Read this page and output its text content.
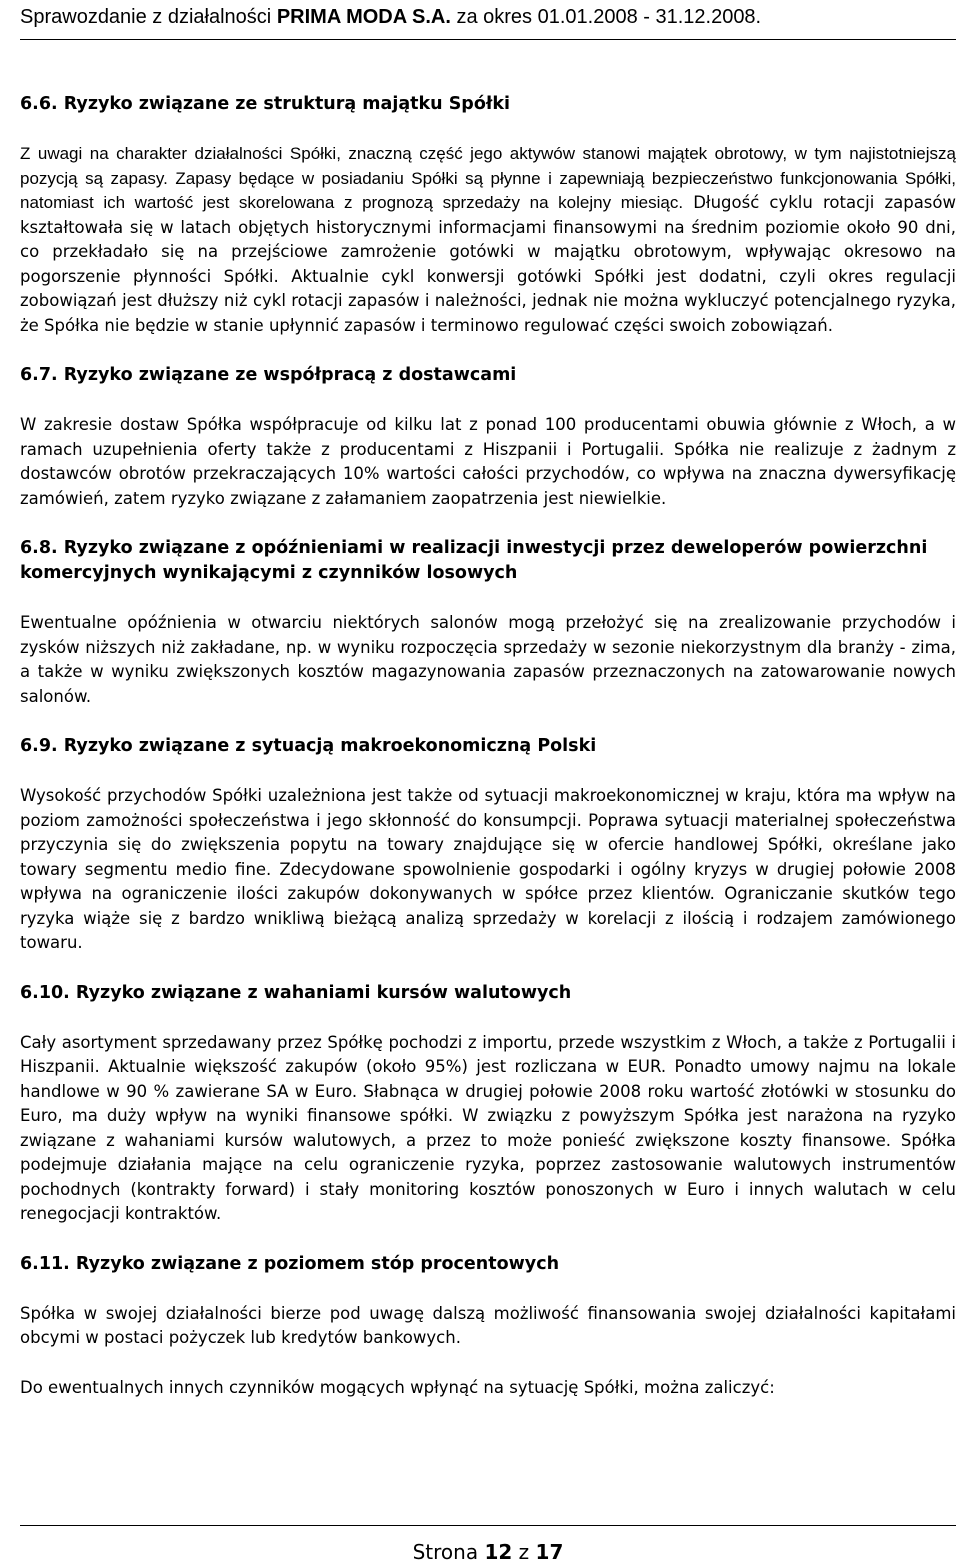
Sprawozdanie z działalności PRIMA MODA S.A. za okres 01.01.2008 - 31.12.2008.

6.6. Ryzyko związane ze strukturą majątku Spółki

Z uwagi na charakter działalności Spółki, znaczną część jego aktywów stanowi majątek obrotowy, w tym najistotniejszą pozycją są zapasy. Zapasy będące w posiadaniu Spółki są płynne i zapewniają bezpieczeństwo funkcjonowania Spółki, natomiast ich wartość jest skorelowana z prognozą sprzedaży na kolejny miesiąc. Długość cyklu rotacji zapasów kształtowała się w latach objętych historycznymi informacjami finansowymi na średnim poziomie około 90 dni, co przekładało się na przejściowe zamrożenie gotówki w majątku obrotowym, wpływając okresowo na pogorszenie płynności Spółki. Aktualnie cykl konwersji gotówki Spółki jest dodatni, czyli okres regulacji zobowiązań jest dłuższy niż cykl rotacji zapasów i należności, jednak nie można wykluczyć potencjalnego ryzyka, że Spółka nie będzie w stanie upłynnić zapasów i terminowo regulować części swoich zobowiązań.

6.7. Ryzyko związane ze współpracą z dostawcami

W zakresie dostaw Spółka współpracuje od kilku lat z ponad 100 producentami obuwia głównie z Włoch, a w ramach uzupełnienia oferty także z producentami z Hiszpanii i Portugalii. Spółka nie realizuje z żadnym z dostawców obrotów przekraczających 10% wartości całości przychodów, co wpływa na znaczna dywersyfikację zamówień, zatem ryzyko związane z załamaniem zaopatrzenia jest niewielkie.

6.8. Ryzyko związane z opóźnieniami w realizacji inwestycji przez deweloperów powierzchni komercyjnych wynikającymi z czynników losowych

Ewentualne opóźnienia w otwarciu niektórych salonów mogą przełożyć się na zrealizowanie przychodów i zysków niższych niż zakładane, np. w wyniku rozpoczęcia sprzedaży w sezonie niekorzystnym dla branży - zima, a także w wyniku zwiększonych kosztów magazynowania zapasów przeznaczonych na zatowarowanie nowych salonów.

6.9. Ryzyko związane z sytuacją makroekonomiczną Polski

Wysokość przychodów Spółki uzależniona jest także od sytuacji makroekonomicznej w kraju, która ma wpływ na poziom zamożności społeczeństwa i jego skłonność do konsumpcji. Poprawa sytuacji materialnej społeczeństwa przyczynia się do zwiększenia popytu na towary znajdujące się w ofercie handlowej Spółki, określane jako towary segmentu medio fine. Zdecydowane spowolnienie gospodarki i ogólny kryzys w drugiej połowie 2008 wpływa na ograniczenie ilości zakupów dokonywanych w spółce przez klientów. Ograniczanie skutków tego ryzyka wiąże się z bardzo wnikliwą bieżącą analizą sprzedaży w korelacji z ilością i rodzajem zamówionego towaru.

6.10. Ryzyko związane z wahaniami kursów walutowych

Cały asortyment sprzedawany przez Spółkę pochodzi z importu, przede wszystkim z Włoch, a także z Portugalii i Hiszpanii. Aktualnie większość zakupów (około 95%) jest rozliczana w EUR. Ponadto umowy najmu na lokale handlowe w 90 % zawierane SA w Euro. Słabnąca w drugiej połowie 2008 roku wartość złotówki w stosunku do Euro, ma duży wpływ na wyniki finansowe spółki. W związku z powyższym Spółka jest narażona na ryzyko związane z wahaniami kursów walutowych, a przez to może ponieść zwiększone koszty finansowe. Spółka podejmuje działania mające na celu ograniczenie ryzyka, poprzez zastosowanie walutowych instrumentów pochodnych (kontrakty forward) i stały monitoring kosztów ponoszonych w Euro i innych walutach w celu renegocjacji kontraktów.

6.11. Ryzyko związane z poziomem stóp procentowych

Spółka w swojej działalności bierze pod uwagę dalszą możliwość finansowania swojej działalności kapitałami obcymi w postaci pożyczek lub kredytów bankowych.

Do ewentualnych innych czynników mogących wpłynąć na sytuację Spółki, można zaliczyć:

Strona 12 z 17
